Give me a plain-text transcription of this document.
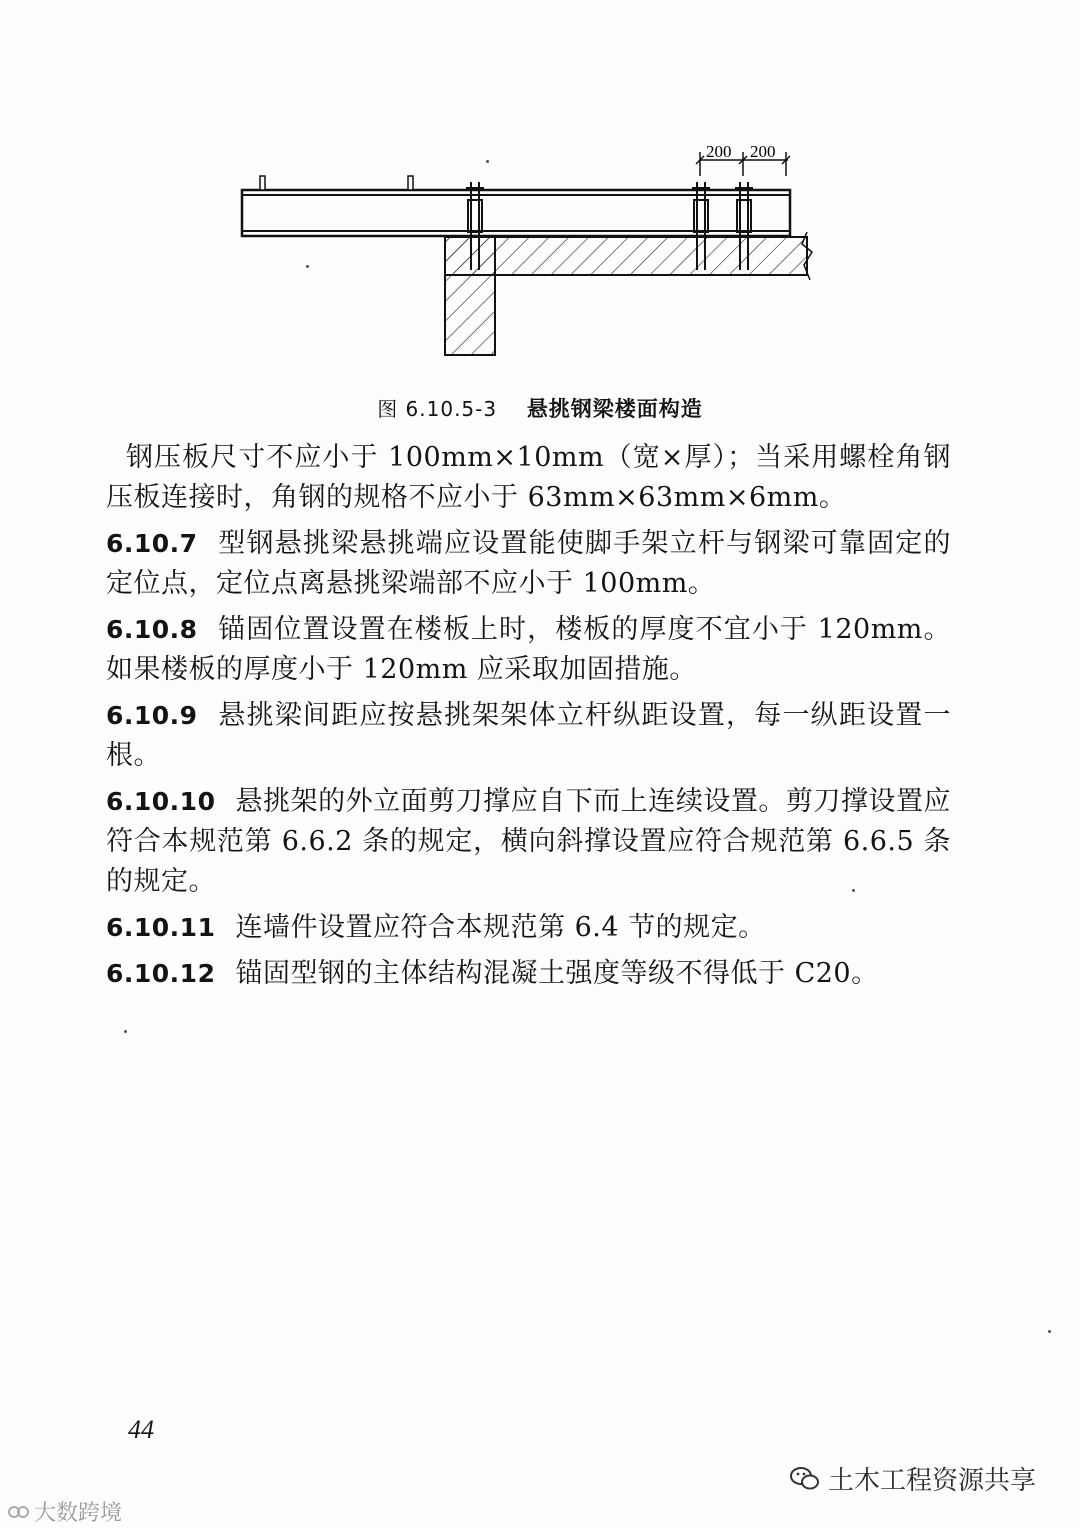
200 200
图 6.10.5-3 悬挑钢梁楼面构造

钢压板尺寸不应小于 100mm×10mm（宽×厚）；当采用螺栓角钢压板连接时，角钢的规格不应小于 63mm×63mm×6mm。

6.10.7 型钢悬挑梁悬挑端应设置能使脚手架立杆与钢梁可靠固定的定位点，定位点离悬挑梁端部不应小于 100mm。

6.10.8 锚固位置设置在楼板上时，楼板的厚度不宜小于 120mm。如果楼板的厚度小于 120mm 应采取加固措施。

6.10.9 悬挑梁间距应按悬挑架架体立杆纵距设置，每一纵距设置一根。

6.10.10 悬挑架的外立面剪刀撑应自下而上连续设置。剪刀撑设置应符合本规范第 6.6.2 条的规定，横向斜撑设置应符合规范第 6.6.5 条的规定。

6.10.11 连墙件设置应符合本规范第 6.4 节的规定。

6.10.12 锚固型钢的主体结构混凝土强度等级不得低于 C20。

44
大数跨境
土木工程资源共享
